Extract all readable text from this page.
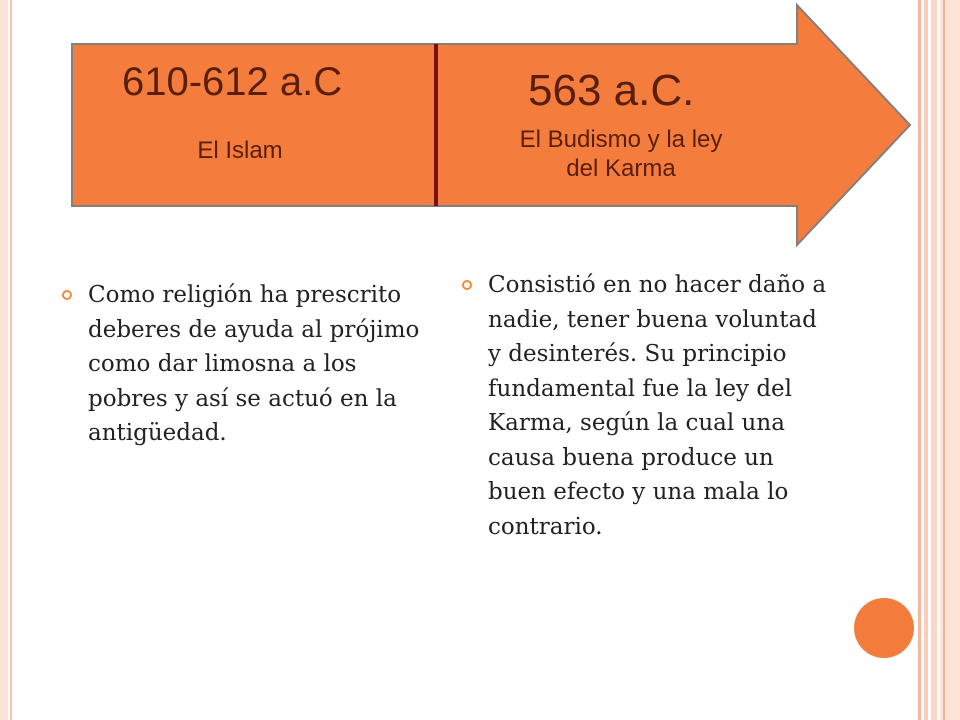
610-612 a.C
El Islam
563 a.C.
El Budismo y la ley
del Karma

Como religión ha prescrito deberes de ayuda al prójimo como dar limosna a los pobres y así se actuó en la antigüedad.

Consistió en no hacer daño a nadie, tener buena voluntad y desinterés. Su principio fundamental fue la ley del Karma, según la cual una causa buena produce un buen efecto y una mala lo contrario.
